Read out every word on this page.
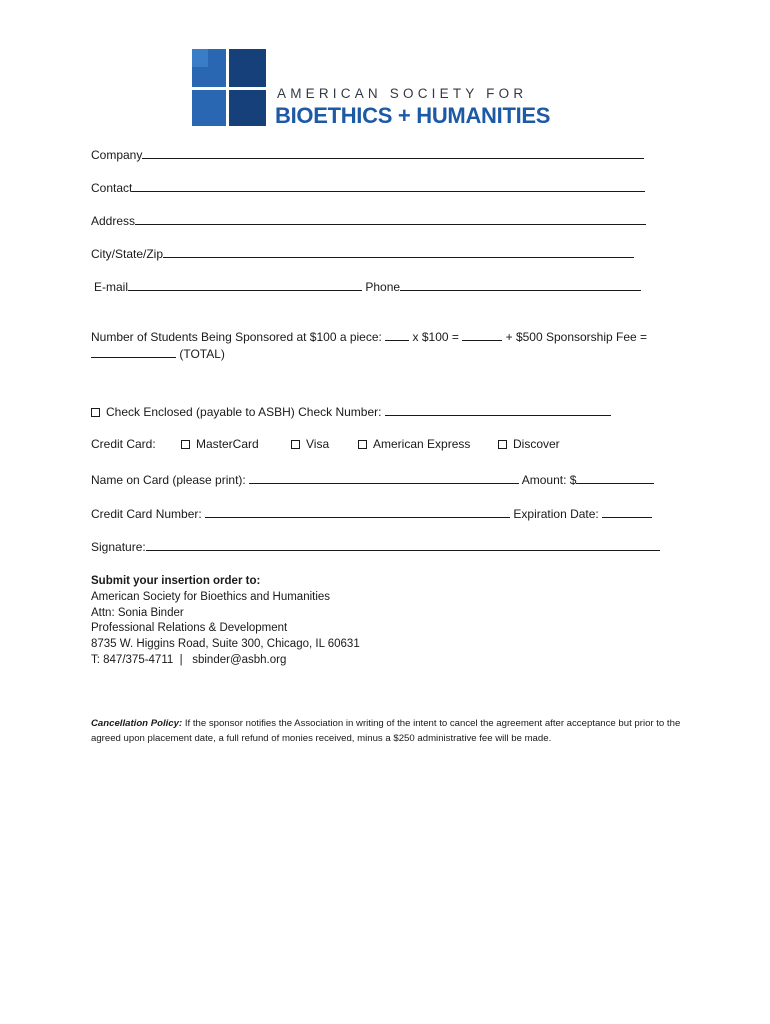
AMERICAN SOCIETY FOR
BIOETHICS + HUMANITIES
Company
Contact
Address
City/State/Zip
E-mail	Phone
Number of Students Being Sponsored at $100 a piece:	x $100 =	+ $500 Sponsorship Fee =
(TOTAL)
Check Enclosed (payable to ASBH) Check Number:
Credit Card:	MasterCard	Visa	American Express	Discover
Name on Card (please print):	Amount: $
Credit Card Number:	Expiration Date:
Signature:
Submit your insertion order to:
American Society for Bioethics and Humanities
Attn: Sonia Binder
Professional Relations & Development
8735 W. Higgins Road, Suite 300, Chicago, IL 60631
T: 847/375-4711  |   sbinder@asbh.org
Cancellation Policy: If the sponsor notifies the Association in writing of the intent to cancel the agreement after acceptance but prior to the agreed upon placement date, a full refund of monies received, minus a $250 administrative fee will be made.
